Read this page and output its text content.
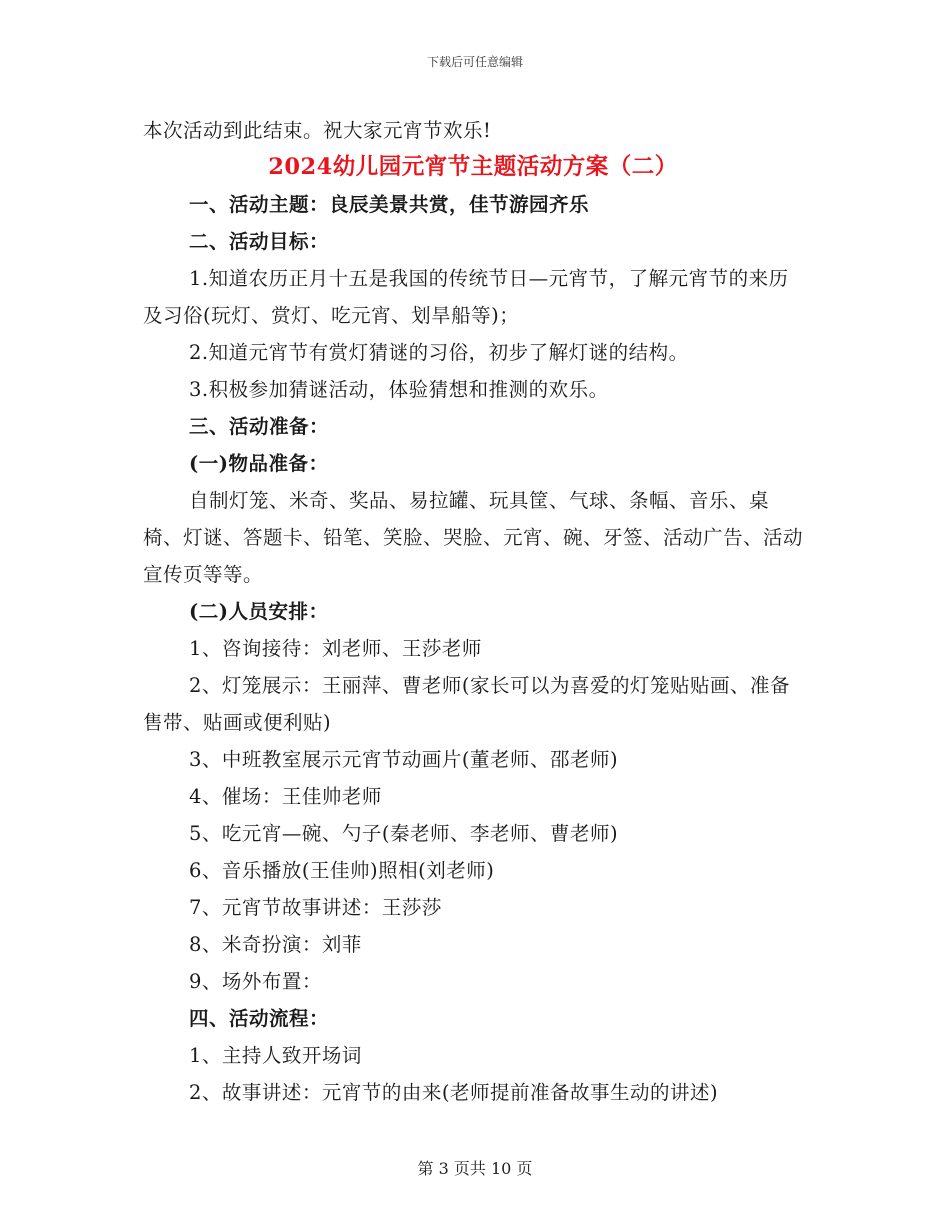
下载后可任意编辑

本次活动到此结束。祝大家元宵节欢乐!

2024幼儿园元宵节主题活动方案（二）

一、活动主题：良辰美景共赏，佳节游园齐乐

二、活动目标：

1.知道农历正月十五是我国的传统节日—元宵节，了解元宵节的来历及习俗(玩灯、赏灯、吃元宵、划旱船等)；

2.知道元宵节有赏灯猜谜的习俗，初步了解灯谜的结构。

3.积极参加猜谜活动，体验猜想和推测的欢乐。

三、活动准备：

(一)物品准备：

自制灯笼、米奇、奖品、易拉罐、玩具筐、气球、条幅、音乐、桌椅、灯谜、答题卡、铅笔、笑脸、哭脸、元宵、碗、牙签、活动广告、活动宣传页等等。

(二)人员安排：

1、咨询接待：刘老师、王莎老师

2、灯笼展示：王丽萍、曹老师(家长可以为喜爱的灯笼贴贴画、准备售带、贴画或便利贴)

3、中班教室展示元宵节动画片(董老师、邵老师)

4、催场：王佳帅老师

5、吃元宵—碗、勺子(秦老师、李老师、曹老师)

6、音乐播放(王佳帅)照相(刘老师)

7、元宵节故事讲述：王莎莎

8、米奇扮演：刘菲

9、场外布置：

四、活动流程：

1、主持人致开场词

2、故事讲述：元宵节的由来(老师提前准备故事生动的讲述)

第 3 页共 10 页
